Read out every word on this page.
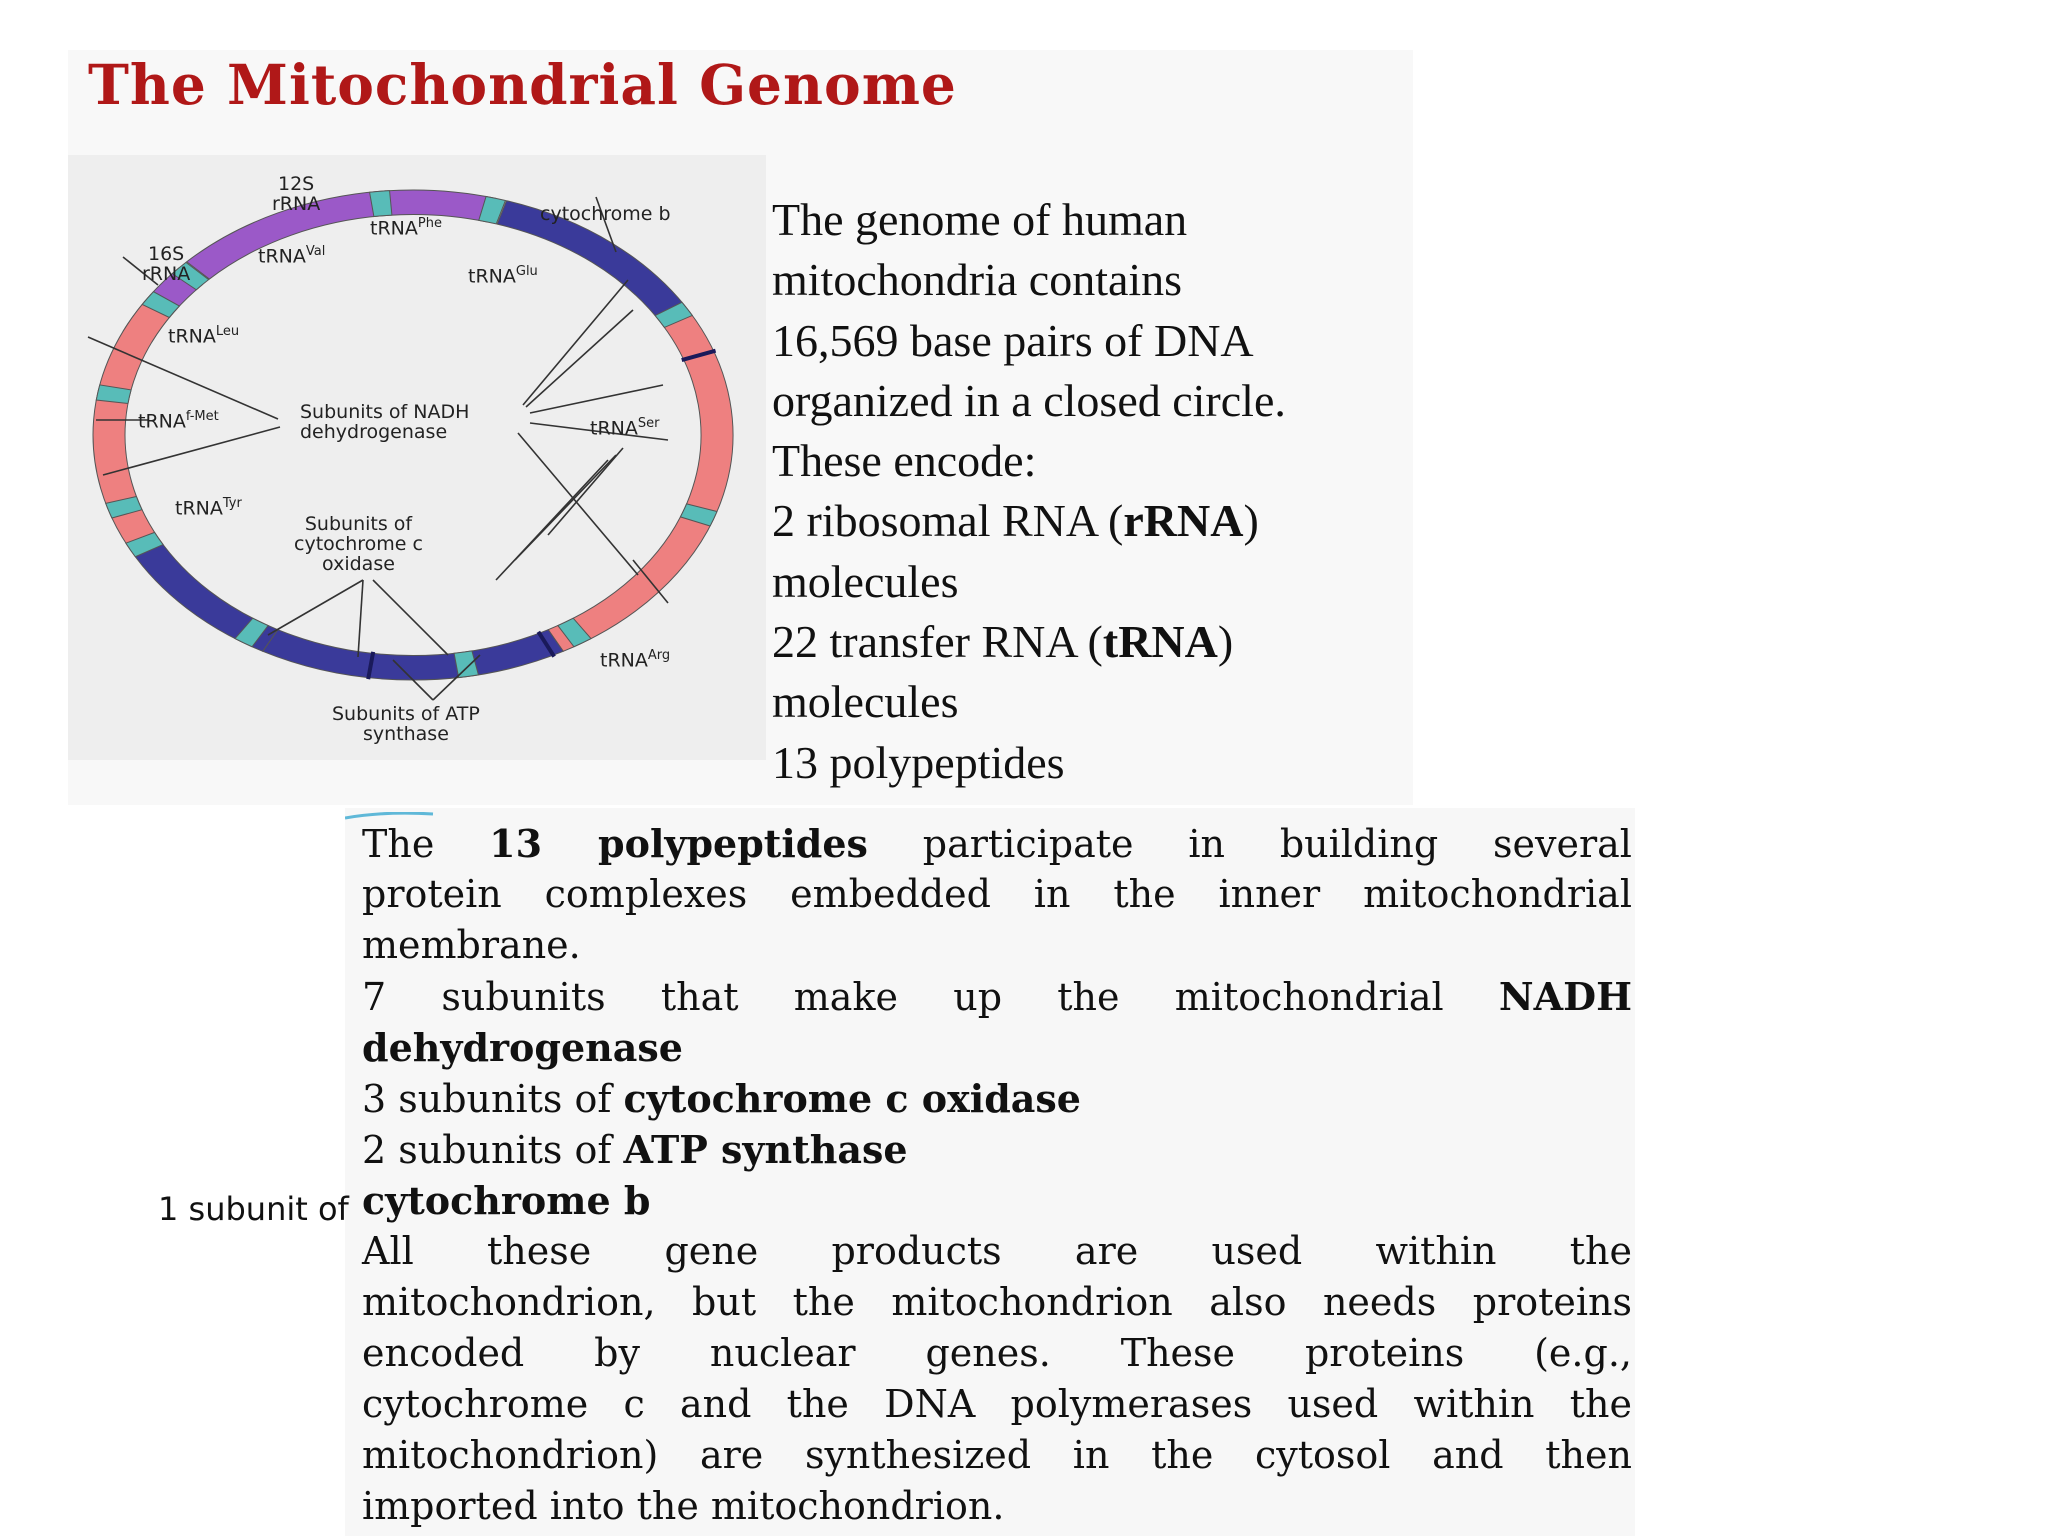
The Mitochondrial Genome
12S
rRNA
tRNA$^{Phe}$	cytochrome b
16S
rRNA
tRNA$^{Val}$
tRNA$^{Glu}$
tRNA$^{Leu}$
tRNA$^{f-Met}$	Subunits of NADH
dehydrogenase	tRNA$^{Ser}$
tRNA$^{Tyr}$
Subunits of
cytochrome c
oxidase
tRNA$^{Arg}$
Subunits of ATP
synthase
The genome of human
mitochondria contains
16,569 base pairs of DNA
organized in a closed circle.
These encode:
2 ribosomal RNA (rRNA)
molecules
22 transfer RNA (tRNA)
molecules
13 polypeptides
The 13 polypeptides participate in building several
protein complexes embedded in the inner mitochondrial
membrane.
7 subunits that make up the mitochondrial NADH
dehydrogenase
3 subunits of cytochrome c oxidase
2 subunits of ATP synthase
cytochrome b
All these gene products are used within the
mitochondrion, but the mitochondrion also needs proteins
encoded by nuclear genes. These proteins (e.g.,
cytochrome c and the DNA polymerases used within the
mitochondrion) are synthesized in the cytosol and then
imported into the mitochondrion.
1 subunit of
